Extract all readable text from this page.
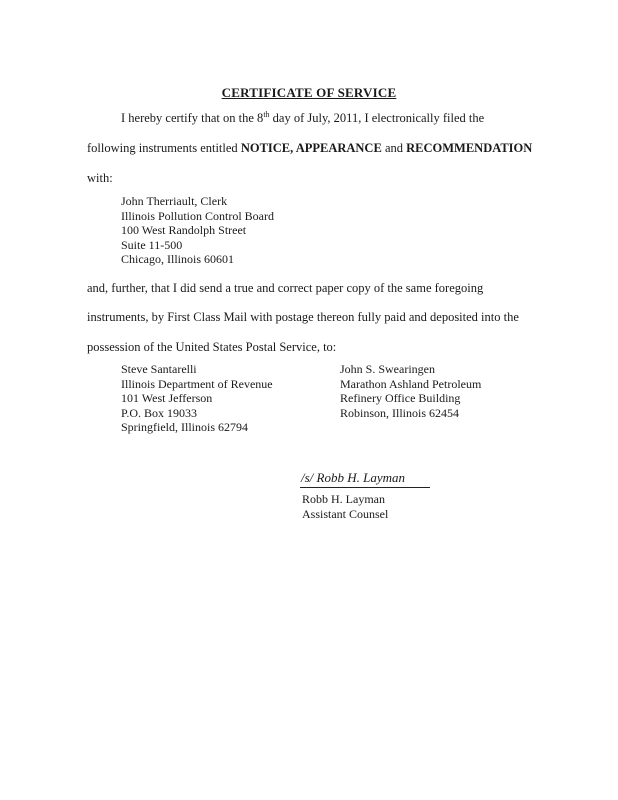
CERTIFICATE OF SERVICE
I hereby certify that on the 8th day of July, 2011, I electronically filed the
following instruments entitled NOTICE, APPEARANCE and RECOMMENDATION
with:
John Therriault, Clerk
Illinois Pollution Control Board
100 West Randolph Street
Suite 11-500
Chicago, Illinois 60601
and, further, that I did send a true and correct paper copy of the same foregoing
instruments, by First Class Mail with postage thereon fully paid and deposited into the
possession of the United States Postal Service, to:
Steve Santarelli
Illinois Department of Revenue
101 West Jefferson
P.O. Box 19033
Springfield, Illinois 62794
John S. Swearingen
Marathon Ashland Petroleum
Refinery Office Building
Robinson, Illinois 62454
/s/ Robb H. Layman
Robb H. Layman
Assistant Counsel
